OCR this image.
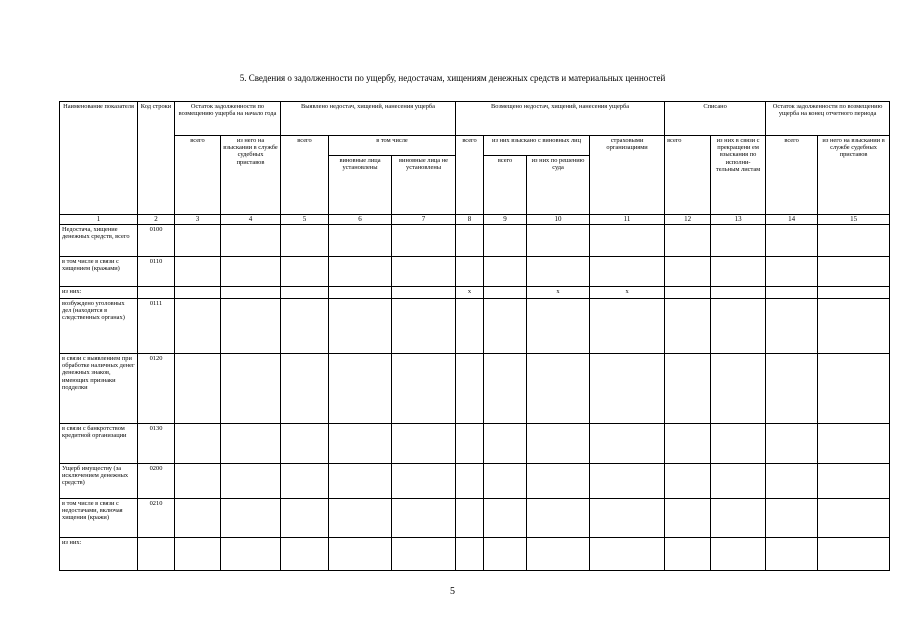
5. Сведения о задолженности по ущербу, недостачам, хищениям денежных средств и материальных ценностей
Наименование показателя	Код строки	Остаток задолженности по возмещению ущерба на начало года		Выявлено недостач, хищений, нанесения ущерба			Возмещено недостач, хищений, нанесения ущерба				Списано		Остаток задолженности по возмещению ущерба на конец отчетного периода	
		всего	из него на взыскании в службе судебных приставов	всего	в том числе		всего	из них взыскано с виновных лиц		страховыми организациями	всего	из них в связи с прекращени ем взыскания по исполни- тельным листам	всего	из него на взыскании в службе судебных приставов
					виновные лица установлены	виновные лица не установлены		всего	из них по решению суда					
1	2	3	4	5	6	7	8	9	10	11	12	13	14	15
Недостача, хищение денежных средств, всего	0100													
в том числе в связи с хищением (кражами)	0110													
из них:							x		x	x				
возбуждено уголовных дел (находится в следственных органах)	0111													
в связи с выявлением при обработке наличных денег денежных знаков, имеющих признаки подделки	0120													
в связи с банкротством кредитной организации	0130													
Ущерб имуществу (за исключением денежных средств)	0200													
в том числе в связи с недостачами, включая хищения (кражи)	0210													
из них:														
5
